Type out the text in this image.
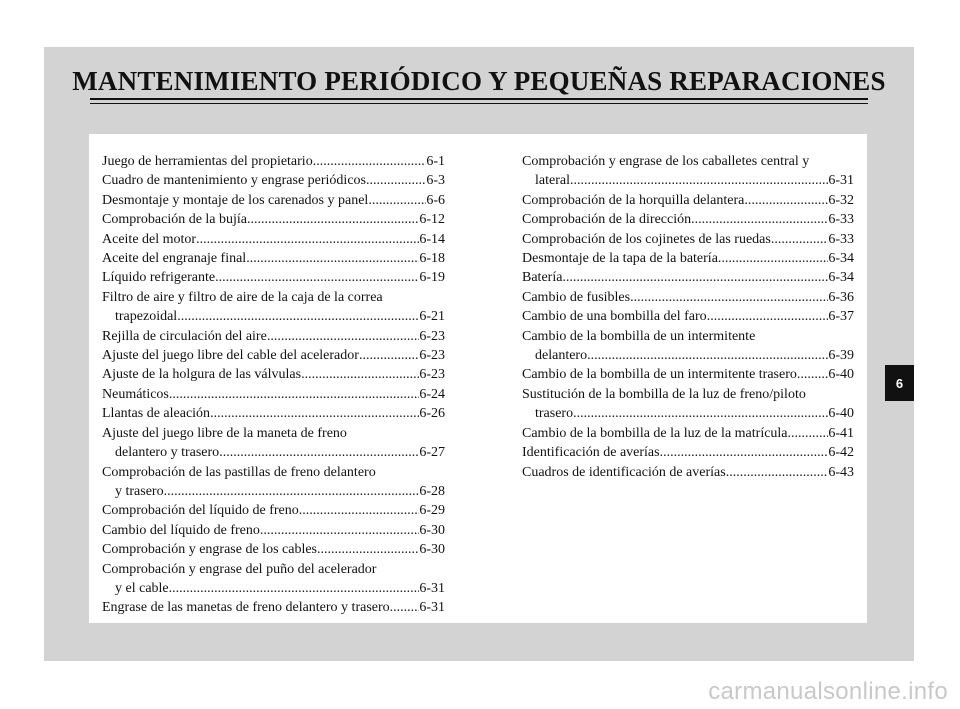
MANTENIMIENTO PERIÓDICO Y PEQUEÑAS REPARACIONES
Juego de herramientas del propietario .....	6-1
Cuadro de mantenimiento y engrase periódicos .....	6-3
Desmontaje y montaje de los carenados y panel .....	6-6
Comprobación de la bujía .....	6-12
Aceite del motor .....	6-14
Aceite del engranaje final .....	6-18
Líquido refrigerante .....	6-19
Filtro de aire y filtro de aire de la caja de la correa
trapezoidal .....	6-21
Rejilla de circulación del aire .....	6-23
Ajuste del juego libre del cable del acelerador .....	6-23
Ajuste de la holgura de las válvulas .....	6-23
Neumáticos .....	6-24
Llantas de aleación .....	6-26
Ajuste del juego libre de la maneta de freno
delantero y trasero .....	6-27
Comprobación de las pastillas de freno delantero
y trasero .....	6-28
Comprobación del líquido de freno .....	6-29
Cambio del líquido de freno .....	6-30
Comprobación y engrase de los cables .....	6-30
Comprobación y engrase del puño del acelerador
y el cable .....	6-31
Engrase de las manetas de freno delantero y trasero ..... 6-31
Comprobación y engrase de los caballetes central y
lateral .....	6-31
Comprobación de la horquilla delantera .....	6-32
Comprobación de la dirección .....	6-33
Comprobación de los cojinetes de las ruedas .....	6-33
Desmontaje de la tapa de la batería .....	6-34
Batería .....	6-34
Cambio de fusibles .....	6-36
Cambio de una bombilla del faro .....	6-37
Cambio de la bombilla de un intermitente
delantero .....	6-39
Cambio de la bombilla de un intermitente trasero ..... 6-40
Sustitución de la bombilla de la luz de freno/piloto
trasero .....	6-40
Cambio de la bombilla de la luz de la matrícula .....	6-41
Identificación de averías .....	6-42
Cuadros de identificación de averías .....	6-43
6
carmanualsonline.info
